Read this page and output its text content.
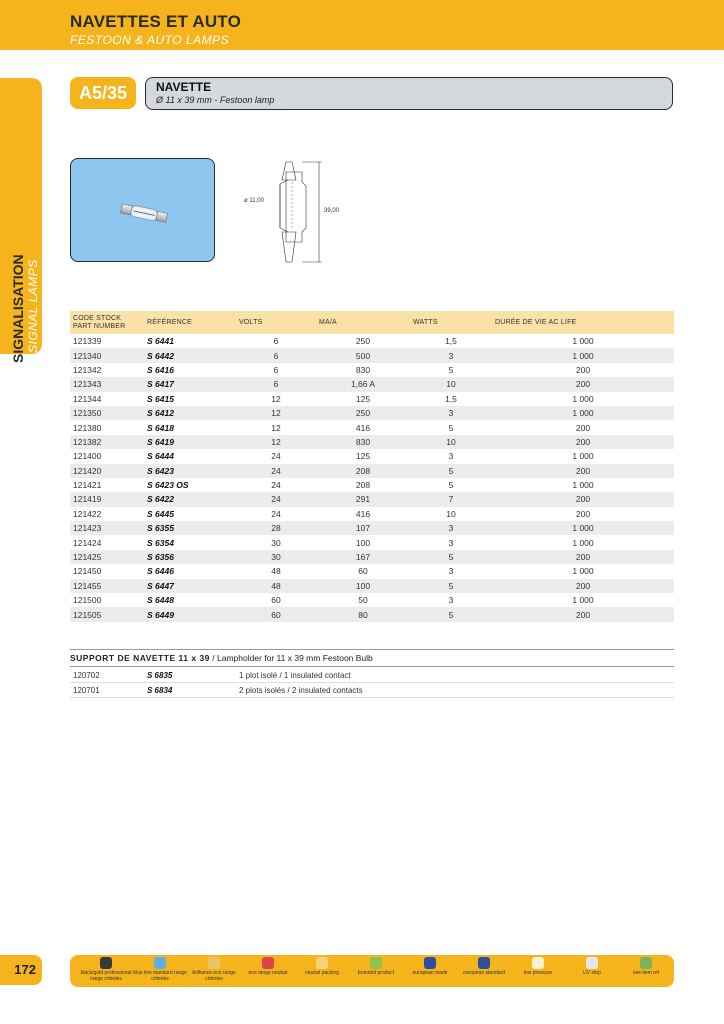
NAVETTES ET AUTO
FESTOON & AUTO LAMPS
SIGNALISATION SIGNAL LAMPS
A5/35	NAVETTE
Ø 11 x 39 mm - Festoon lamp
ø 11,00
39,00
CODE STOCK PART NUMBER	RÉFÉRENCE	VOLTS	MA/A	WATTS	DURÉE DE VIE AC LIFE
121339	S 6441	6	250	1,5	1 000
121340	S 6442	6	500	3	1 000
121342	S 6416	6	830	5	200
121343	S 6417	6	1,66 A	10	200
121344	S 6415	12	125	1,5	1 000
121350	S 6412	12	250	3	1 000
121380	S 6418	12	416	5	200
121382	S 6419	12	830	10	200
121400	S 6444	24	125	3	1 000
121420	S 6423	24	208	5	200
121421	S 6423 OS	24	208	5	1 000
121419	S 6422	24	291	7	200
121422	S 6445	24	416	10	200
121423	S 6355	28	107	3	1 000
121424	S 6354	30	100	3	1 000
121425	S 6356	30	167	5	200
121450	S 6446	48	60	3	1 000
121455	S 6447	48	100	5	200
121500	S 6448	60	50	3	1 000
121505	S 6449	60	80	5	200
SUPPORT DE NAVETTE 11 x 39 / Lampholder for 11 x 39 mm Festoon Bulb
120702	S 6835	1 plot isolé / 1 insulated contact
120701	S 6834	2 plots isolés / 2 insulated contacts
172	black/gold professional range criteries
blue line standard range criteries
brilliance eco range criteries
eco range neutral	neutral packing	branded product	european made	european standard	low pressure	UV stop	see item ref
